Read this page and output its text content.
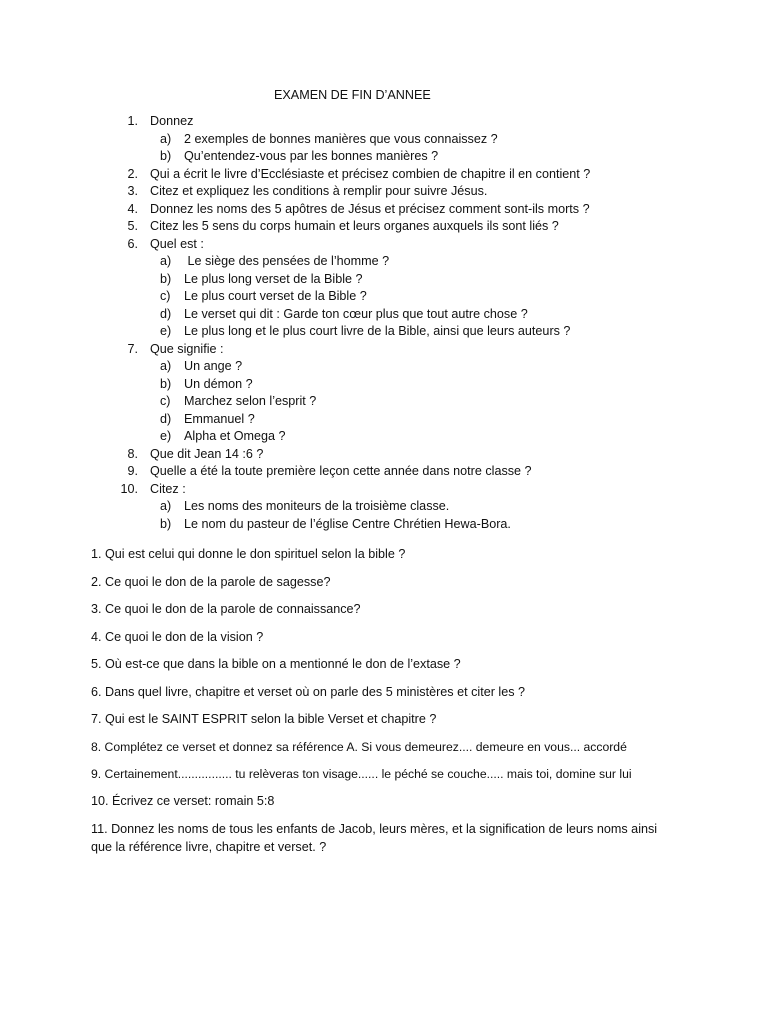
EXAMEN DE FIN D’ANNEE
1. Donnez
a)	2 exemples de bonnes manières que vous connaissez ?
b)	Qu’entendez-vous par les bonnes manières ?
2. Qui a écrit le livre d’Ecclésiaste et précisez combien de chapitre il en contient ?
3. Citez et expliquez les conditions à remplir pour suivre Jésus.
4. Donnez les noms des 5 apôtres de Jésus et précisez comment sont-ils morts ?
5. Citez les 5 sens du corps humain et leurs organes auxquels ils sont liés ?
6. Quel est :
a)	Le siège des pensées de l’homme ?
b)	Le plus long verset de la Bible ?
c)	Le plus court verset de la Bible ?
d)	Le verset qui dit : Garde ton cœur plus que tout autre chose ?
e)	Le plus long et le plus court livre de la Bible, ainsi que leurs auteurs ?
7. Que signifie :
a)	Un ange ?
b)	Un démon ?
c)	Marchez selon l’esprit ?
d)	Emmanuel ?
e)	Alpha et Omega ?
8. Que dit Jean 14 :6 ?
9. Quelle a été la toute première leçon cette année dans notre classe ?
10. Citez :
a)	Les noms des moniteurs de la troisième classe.
b)	Le nom du pasteur de l’église Centre Chrétien Hewa-Bora.
1. Qui est celui qui donne le don spirituel selon la bible ?
2. Ce quoi le don de la parole de sagesse?
3. Ce quoi le don de la parole de connaissance?
4. Ce quoi le don de la vision ?
5. Où est-ce que dans la bible on a mentionné le don de l’extase ?
6. Dans quel livre, chapitre et verset où on parle des 5 ministères et citer les ?
7. Qui est le SAINT ESPRIT selon la bible Verset et chapitre ?
8. Complétez ce verset et donnez sa référence A. Si vous demeurez.... demeure en vous... accordé
9. Certainement................ tu relèveras ton visage...... le péché se couche..... mais toi, domine sur lui
10. Écrivez ce verset: romain 5:8
11. Donnez les noms de tous les enfants de Jacob, leurs mères, et la signification de leurs noms ainsi que la référence livre, chapitre et verset. ?
